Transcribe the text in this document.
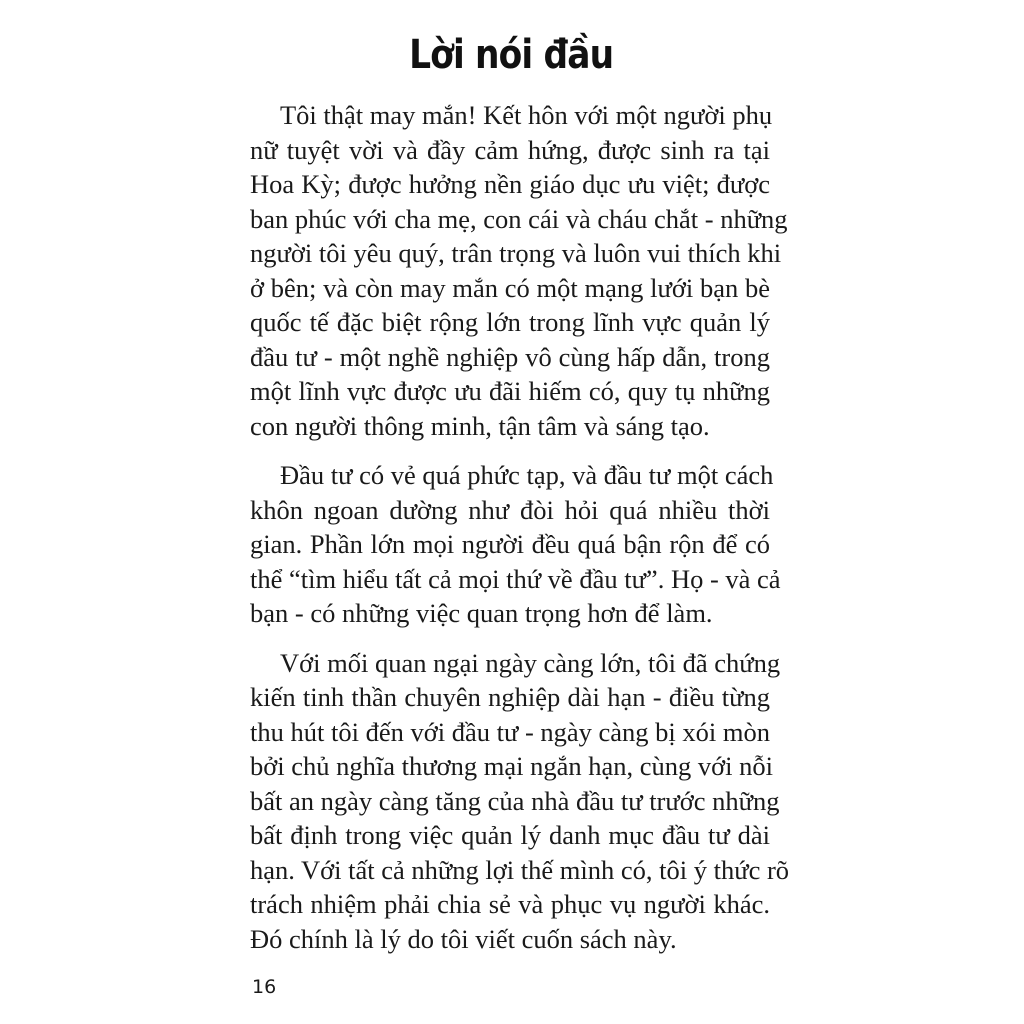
Lời nói đầu
Tôi thật may mắn! Kết hôn với một người phụ
nữ tuyệt vời và đầy cảm hứng, được sinh ra tại
Hoa Kỳ; được hưởng nền giáo dục ưu việt; được
ban phúc với cha mẹ, con cái và cháu chắt - những
người tôi yêu quý, trân trọng và luôn vui thích khi
ở bên; và còn may mắn có một mạng lưới bạn bè
quốc tế đặc biệt rộng lớn trong lĩnh vực quản lý
đầu tư - một nghề nghiệp vô cùng hấp dẫn, trong
một lĩnh vực được ưu đãi hiếm có, quy tụ những
con người thông minh, tận tâm và sáng tạo.
Đầu tư có vẻ quá phức tạp, và đầu tư một cách
khôn ngoan dường như đòi hỏi quá nhiều thời
gian. Phần lớn mọi người đều quá bận rộn để có
thể “tìm hiểu tất cả mọi thứ về đầu tư”. Họ - và cả
bạn - có những việc quan trọng hơn để làm.
Với mối quan ngại ngày càng lớn, tôi đã chứng
kiến tinh thần chuyên nghiệp dài hạn - điều từng
thu hút tôi đến với đầu tư - ngày càng bị xói mòn
bởi chủ nghĩa thương mại ngắn hạn, cùng với nỗi
bất an ngày càng tăng của nhà đầu tư trước những
bất định trong việc quản lý danh mục đầu tư dài
hạn. Với tất cả những lợi thế mình có, tôi ý thức rõ
trách nhiệm phải chia sẻ và phục vụ người khác.
Đó chính là lý do tôi viết cuốn sách này.
16
